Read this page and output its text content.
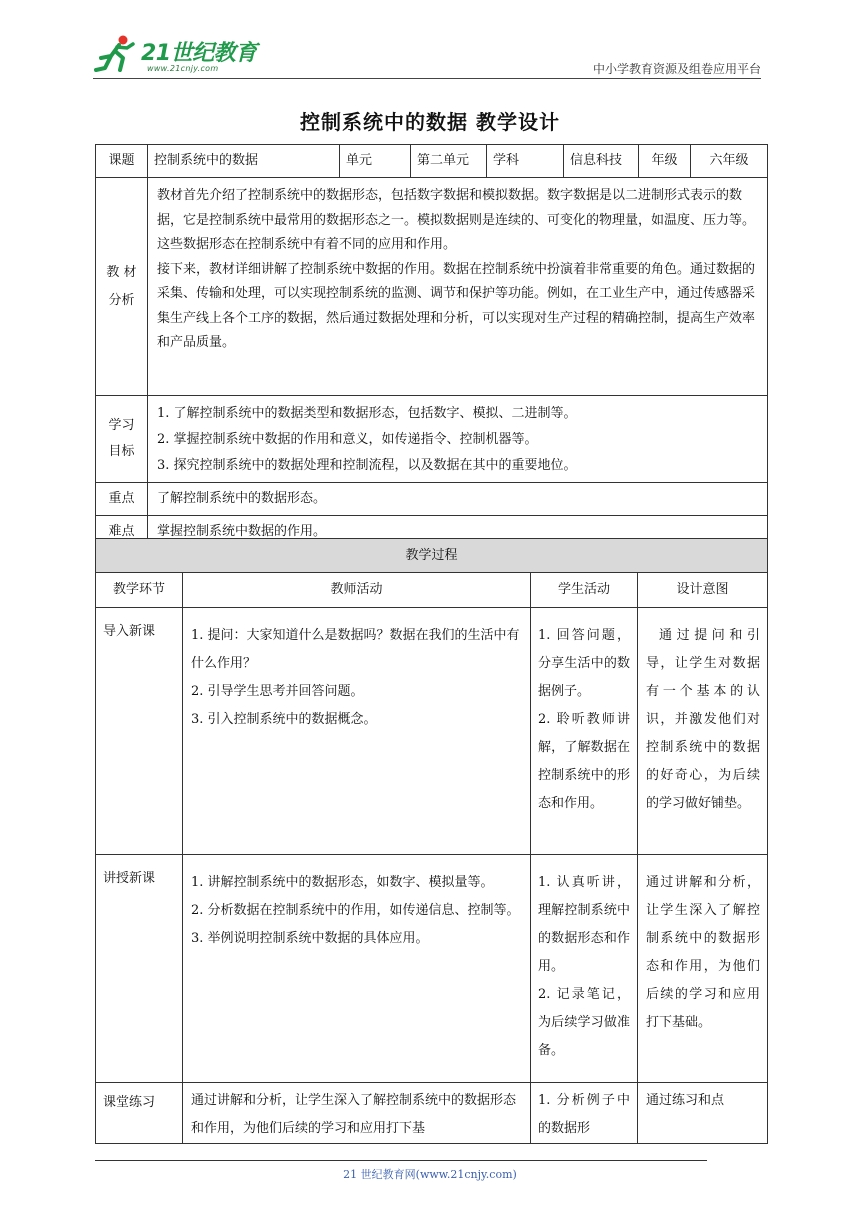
21世纪教育
www.21cnjy.com	中小学教育资源及组卷应用平台
控制系统中的数据 教学设计
课题	控制系统中的数据	单元	第二单元	学科	信息科技	年级	六年级

教 材
分析	教材首先介绍了控制系统中的数据形态，包括数字数据和模拟数据。数字数据是以二进制形式表示的数据，它是控制系统中最常用的数据形态之一。模拟数据则是连续的、可变化的物理量，如温度、压力等。这些数据形态在控制系统中有着不同的应用和作用。
接下来，教材详细讲解了控制系统中数据的作用。数据在控制系统中扮演着非常重要的角色。通过数据的采集、传输和处理，可以实现控制系统的监测、调节和保护等功能。例如，在工业生产中，通过传感器采集生产线上各个工序的数据，然后通过数据处理和分析，可以实现对生产过程的精确控制，提高生产效率和产品质量。						

学习
目标	1. 了解控制系统中的数据类型和数据形态，包括数字、模拟、二进制等。
2. 掌握控制系统中数据的作用和意义，如传递指令、控制机器等。
3. 探究控制系统中的数据处理和控制流程，以及数据在其中的重要地位。						

重点	了解控制系统中的数据形态。						
难点	掌握控制系统中数据的作用。						
教学过程			
教学环节	教师活动	学生活动	设计意图
导入新课	1. 提问：大家知道什么是数据吗？数据在我们的生活中有什么作用？
2. 引导学生思考并回答问题。
3. 引入控制系统中的数据概念。	1. 回答问题，分享生活中的数据例子。
2. 聆听教师讲解，了解数据在控制系统中的形态和作用。	通过提问和引导，让学生对数据有一个基本的认识，并激发他们对控制系统中的数据的好奇心，为后续的学习做好铺垫。

讲授新课	1. 讲解控制系统中的数据形态，如数字、模拟量等。
2. 分析数据在控制系统中的作用，如传递信息、控制等。
3. 举例说明控制系统中数据的具体应用。	1. 认真听讲，理解控制系统中的数据形态和作用。
2. 记录笔记，为后续学习做准备。	通过讲解和分析，让学生深入了解控制系统中的数据形态和作用，为他们后续的学习和应用打下基础。

课堂练习	通过讲解和分析，让学生深入了解控制系统中的数据形态和作用，为他们后续的学习和应用打下基	1. 分析例子中的数据形	通过练习和点
21 世纪教育网(www.21cnjy.com)
